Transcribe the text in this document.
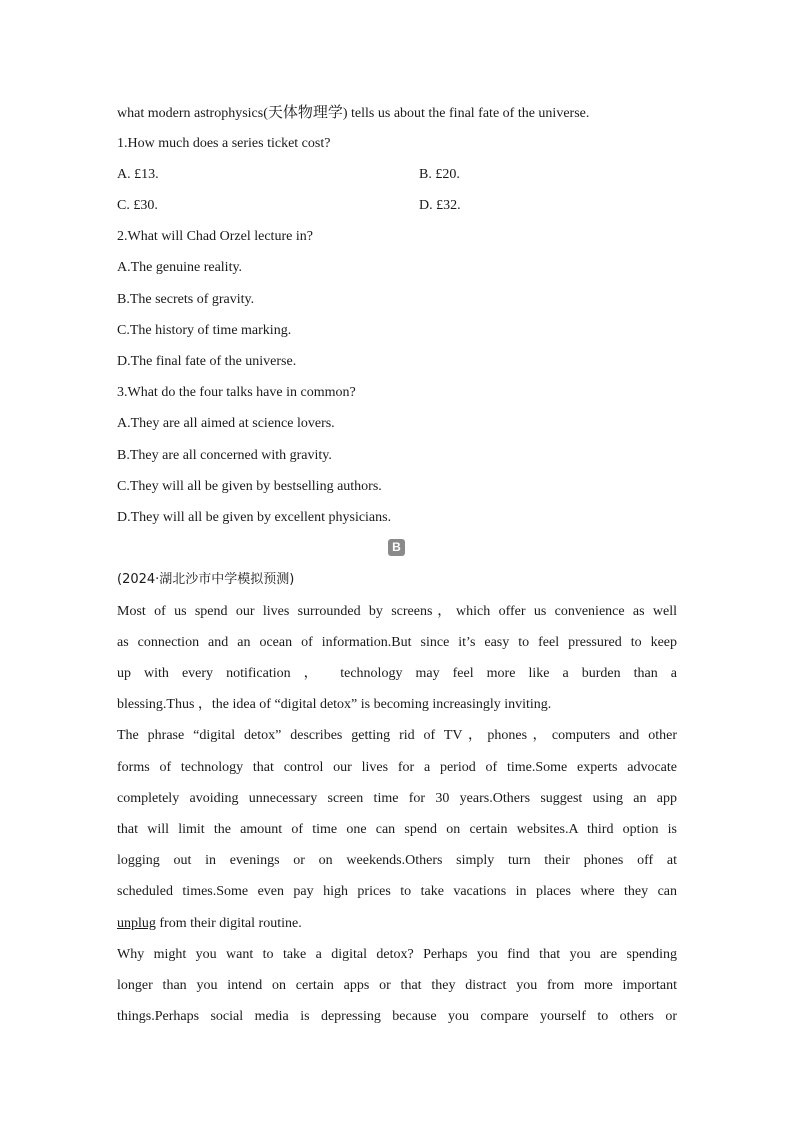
what modern astrophysics(天体物理学) tells us about the final fate of the universe.
1.How much does a series ticket cost?
A. £13.	B. £20.
C. £30.	D. £32.
2.What will Chad Orzel lecture in?
A.The genuine reality.
B.The secrets of gravity.
C.The history of time marking.
D.The final fate of the universe.
3.What do the four talks have in common?
A.They are all aimed at science lovers.
B.They are all concerned with gravity.
C.They will all be given by bestselling authors.
D.They will all be given by excellent physicians.
B
(2024·湖北沙市中学模拟预测)
Most of us spend our lives surrounded by screens，which offer us convenience as well
as connection and an ocean of information.But since it’s easy to feel pressured to keep
up with every notification ， technology may feel more like a burden than a
blessing.Thus ，the idea of “digital detox” is becoming increasingly inviting.
The phrase “digital detox” describes getting rid of TV，phones，computers and other
forms of technology that control our lives for a period of time.Some experts advocate
completely avoiding unnecessary screen time for 30 years.Others suggest using an app
that will limit the amount of time one can spend on certain websites.A third option is
logging out in evenings or on weekends.Others simply turn their phones off at
scheduled times.Some even pay high prices to take vacations in places where they can
unplug from their digital routine.
Why might you want to take a digital detox? Perhaps you find that you are spending
longer than you intend on certain apps or that they distract you from more important
things.Perhaps social media is depressing because you compare yourself to others or
